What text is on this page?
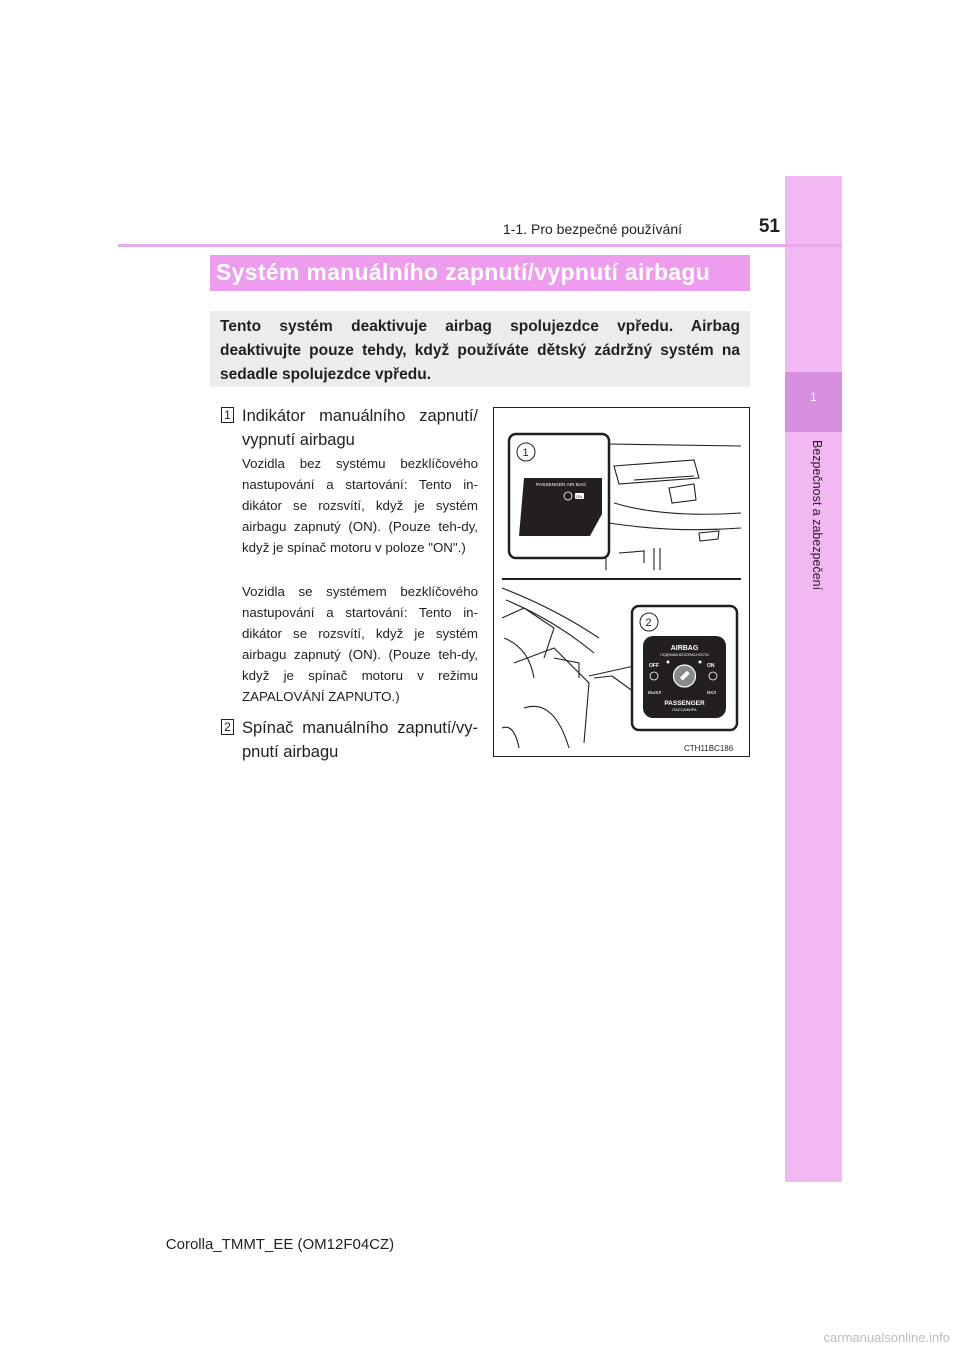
1
Bezpečnost a zabezpečení
1-1. Pro bezpečné používání	51
Systém manuálního zapnutí/vypnutí airbagu
Tento systém deaktivuje airbag spolujezdce vpředu. Airbag deaktivujte pouze tehdy, když používáte dětský zádržný systém na sedadle spolujezdce vpředu.
1 Indikátor manuálního zapnutí/ vypnutí airbagu
Vozidla bez systému bezklíčového nastupování a startování: Tento in-dikátor se rozsvítí, když je systém airbagu zapnutý (ON). (Pouze teh-dy, když je spínač motoru v poloze "ON".)
Vozidla se systémem bezklíčového nastupování a startování: Tento in-dikátor se rozsvítí, když je systém airbagu zapnutý (ON). (Pouze teh-dy, když je spínač motoru v režimu ZAPALOVÁNÍ ZAPNUTO.)
2 Spínač manuálního zapnutí/vy-pnutí airbagu
PASSENGER AIR BAG
ON
1
2
AIRBAG
ПОДУШКА БЕЗОПАСНОСТИ
OFF	ON
ВЫКЛ	ВКЛ
PASSENGER
ПАССАЖИРА
CTH11BC186
Corolla_TMMT_EE (OM12F04CZ)
carmanualsonline.info
